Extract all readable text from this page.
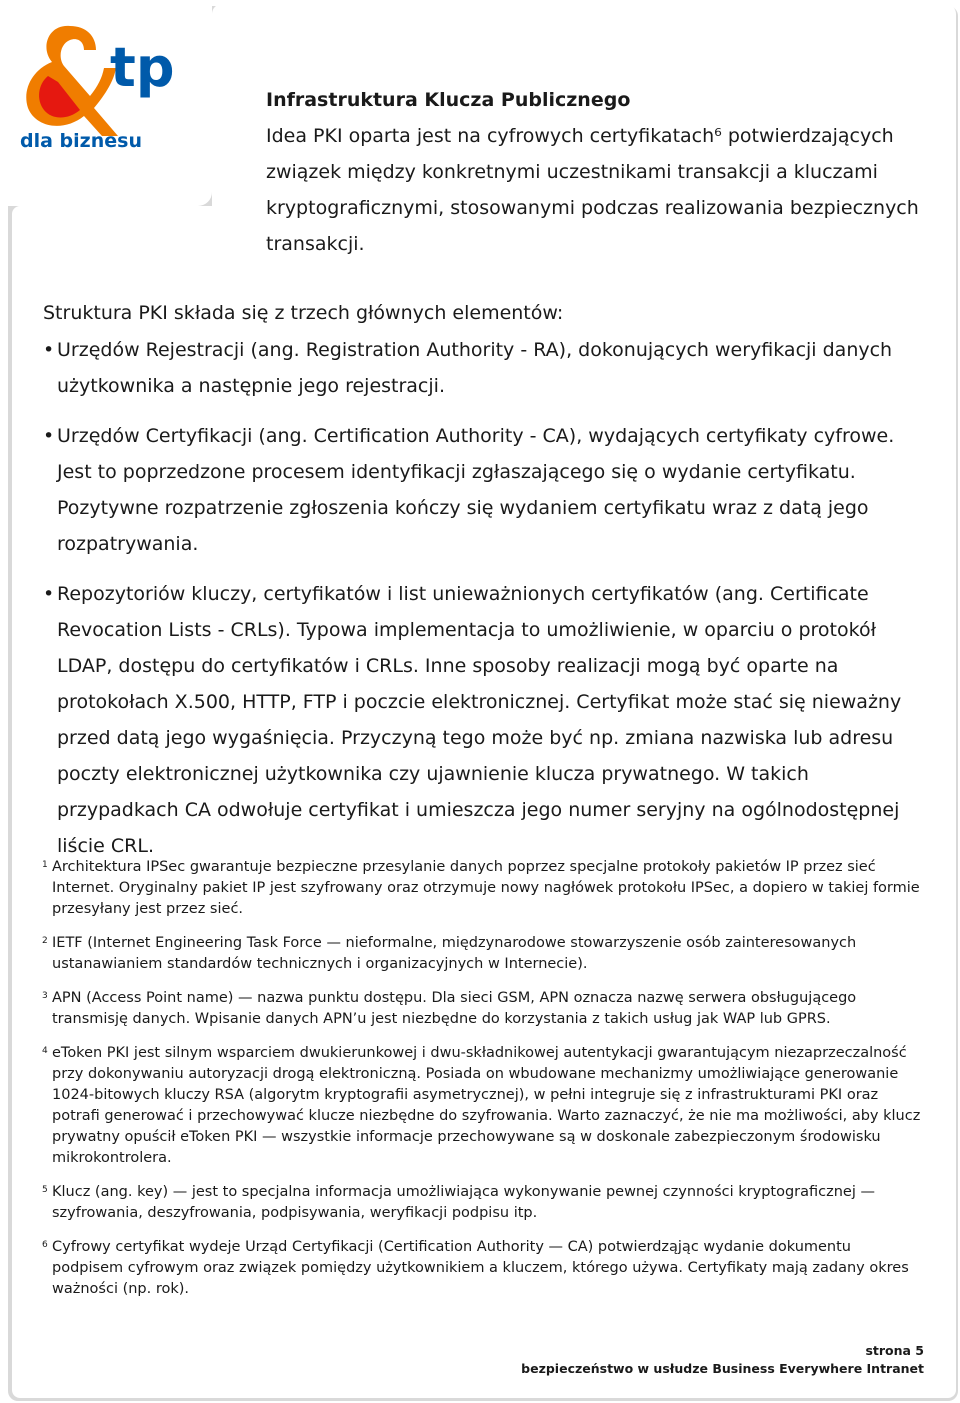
tp
dla biznesu
Infrastruktura Klucza Publicznego
Idea PKI oparta jest na cyfrowych certyfikatach⁶ potwierdzających związek między konkretnymi uczestnikami transakcji a kluczami kryptograficznymi, stosowanymi podczas realizowania bezpiecznych transakcji.
Struktura PKI składa się z trzech głównych elementów:
• Urzędów Rejestracji (ang. Registration Authority - RA), dokonujących weryfikacji danych użytkownika a następnie jego rejestracji.
• Urzędów Certyfikacji (ang. Certification Authority - CA), wydających certyfikaty cyfrowe. Jest to poprzedzone procesem identyfikacji zgłaszającego się o wydanie certyfikatu. Pozytywne rozpatrzenie zgłoszenia kończy się wydaniem certyfikatu wraz z datą jego rozpatrywania.
• Repozytoriów kluczy, certyfikatów i list unieważnionych certyfikatów (ang. Certificate Revocation Lists - CRLs). Typowa implementacja to umożliwienie, w oparciu o protokół LDAP, dostępu do certyfikatów i CRLs. Inne sposoby realizacji mogą być oparte na protokołach X.500, HTTP, FTP i poczcie elektronicznej. Certyfikat może stać się nieważny przed datą jego wygaśnięcia. Przyczyną tego może być np. zmiana nazwiska lub adresu poczty elektronicznej użytkownika czy ujawnienie klucza prywatnego. W takich przypadkach CA odwołuje certyfikat i umieszcza jego numer seryjny na ogólnodostępnej liście CRL.
1 Architektura IPSec gwarantuje bezpieczne przesylanie danych poprzez specjalne protokoły pakietów IP przez sieć Internet. Oryginalny pakiet IP jest szyfrowany oraz otrzymuje nowy nagłówek protokołu IPSec, a dopiero w takiej formie przesyłany jest przez sieć.
2 IETF (Internet Engineering Task Force — nieformalne, międzynarodowe stowarzyszenie osób zainteresowanych ustanawianiem standardów technicznych i organizacyjnych w Internecie).
3 APN (Access Point name) — nazwa punktu dostępu. Dla sieci GSM, APN oznacza nazwę serwera obsługującego transmisję danych. Wpisanie danych APN’u jest niezbędne do korzystania z takich usług jak WAP lub GPRS.
4 eToken PKI jest silnym wsparciem dwukierunkowej i dwu-składnikowej autentykacji gwarantującym niezaprzeczalność przy dokonywaniu autoryzacji drogą elektroniczną. Posiada on wbudowane mechanizmy umożliwiające generowanie 1024-bitowych kluczy RSA (algorytm kryptografii asymetrycznej), w pełni integruje się z infrastrukturami PKI oraz potrafi generować i przechowywać klucze niezbędne do szyfrowania. Warto zaznaczyć, że nie ma możliwości, aby klucz prywatny opuścił eToken PKI — wszystkie informacje przechowywane są w doskonale zabezpieczonym środowisku mikrokontrolera.
5 Klucz (ang. key) — jest to specjalna informacja umożliwiająca wykonywanie pewnej czynności kryptograficznej — szyfrowania, deszyfrowania, podpisywania, weryfikacji podpisu itp.
6 Cyfrowy certyfikat wydeje Urząd Certyfikacji (Certification Authority — CA) potwierdząjąc wydanie dokumentu podpisem cyfrowym oraz związek pomiędzy użytkownikiem a kluczem, którego używa. Certyfikaty mają zadany okres ważności (np. rok).
strona 5
bezpieczeństwo w usłudze Business Everywhere Intranet
